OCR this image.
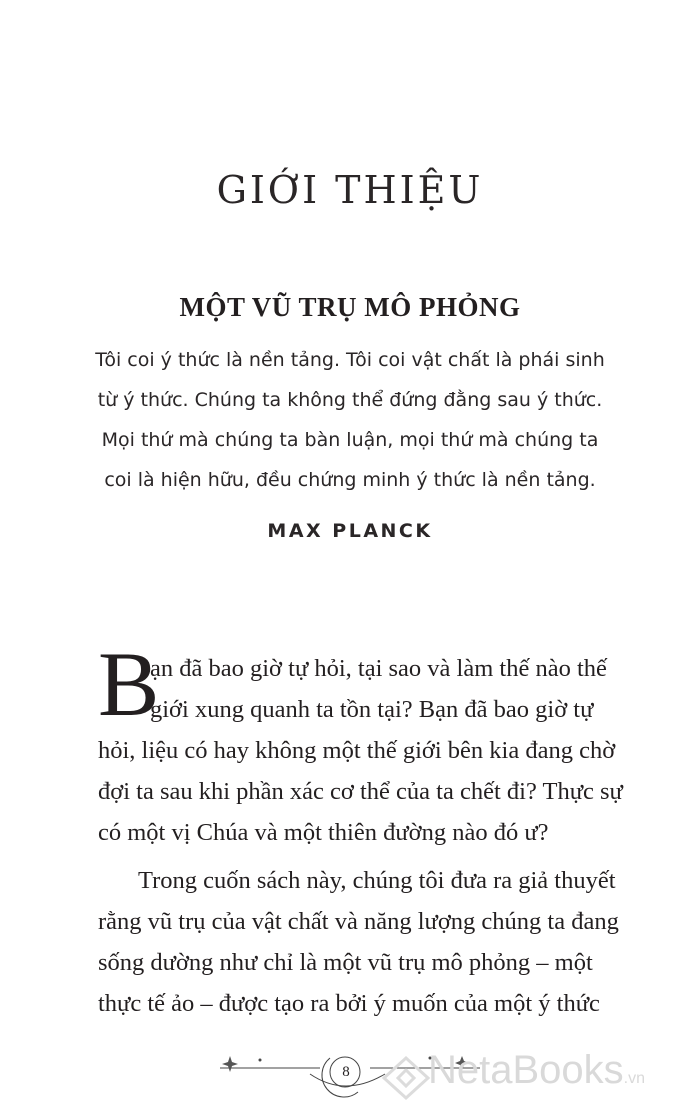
GIỚI THIỆU
MỘT VŨ TRỤ MÔ PHỎNG
Tôi coi ý thức là nền tảng. Tôi coi vật chất là phái sinh
từ ý thức. Chúng ta không thể đứng đằng sau ý thức.
Mọi thứ mà chúng ta bàn luận, mọi thứ mà chúng ta
coi là hiện hữu, đều chứng minh ý thức là nền tảng.
MAX PLANCK
B
ạn đã bao giờ tự hỏi, tại sao và làm thế nào thế
giới xung quanh ta tồn tại? Bạn đã bao giờ tự
hỏi, liệu có hay không một thế giới bên kia đang chờ
đợi ta sau khi phần xác cơ thể của ta chết đi? Thực sự
có một vị Chúa và một thiên đường nào đó ư?
Trong cuốn sách này, chúng tôi đưa ra giả thuyết
rằng vũ trụ của vật chất và năng lượng chúng ta đang
sống dường như chỉ là một vũ trụ mô phỏng – một
thực tế ảo – được tạo ra bởi ý muốn của một ý thức
8 NetaBooks.vn
